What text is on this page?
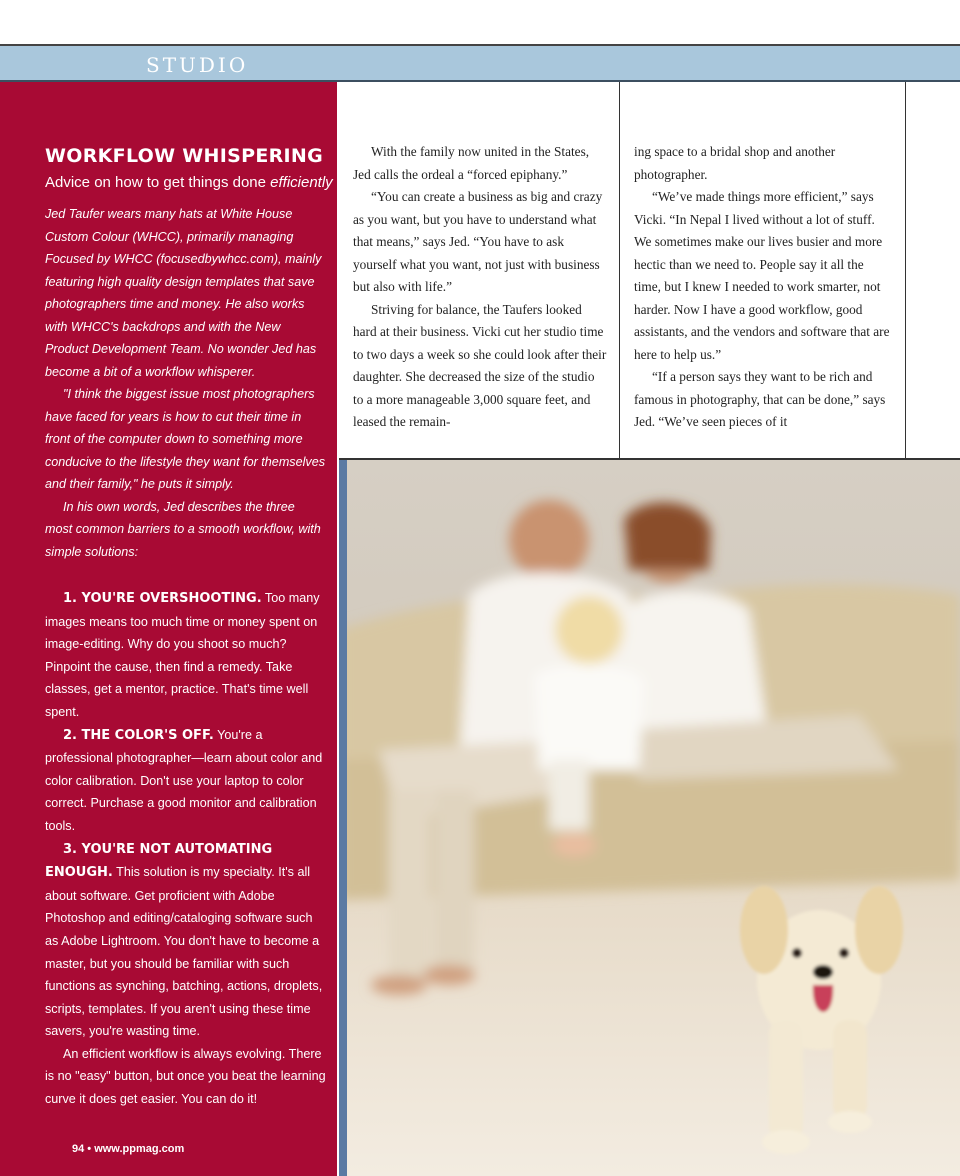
STUDIO
WORKFLOW WHISPERING
Advice on how to get things done efficiently

Jed Taufer wears many hats at White House Custom Colour (WHCC), primarily managing Focused by WHCC (focusedbywhcc.com), mainly featuring high quality design templates that save photographers time and money. He also works with WHCC's backdrops and with the New Product Development Team. No wonder Jed has become a bit of a workflow whisperer.

"I think the biggest issue most photographers have faced for years is how to cut their time in front of the computer down to something more conducive to the lifestyle they want for themselves and their family," he puts it simply.

In his own words, Jed describes the three most common barriers to a smooth workflow, with simple solutions:

1. YOU'RE OVERSHOOTING. Too many images means too much time or money spent on image-editing. Why do you shoot so much? Pinpoint the cause, then find a remedy. Take classes, get a mentor, practice. That's time well spent.

2. THE COLOR'S OFF. You're a professional photographer—learn about color and color calibration. Don't use your laptop to color correct. Purchase a good monitor and calibration tools.

3. YOU'RE NOT AUTOMATING ENOUGH. This solution is my specialty. It's all about software. Get proficient with Adobe Photoshop and editing/cataloging software such as Adobe Lightroom. You don't have to become a master, but you should be familiar with such functions as synching, batching, actions, droplets, scripts, templates. If you aren't using these time savers, you're wasting time.

An efficient workflow is always evolving. There is no "easy" button, but once you beat the learning curve it does get easier. You can do it!

94 • www.ppmag.com

With the family now united in the States, Jed calls the ordeal a “forced epiphany.”

“You can create a business as big and crazy as you want, but you have to understand what that means,” says Jed. “You have to ask yourself what you want, not just with business but also with life.”

Striving for balance, the Taufers looked hard at their business. Vicki cut her studio time to two days a week so she could look after their daughter. She decreased the size of the studio to a more manageable 3,000 square feet, and leased the remain-

ing space to a bridal shop and another photographer.

“We’ve made things more efficient,” says Vicki. “In Nepal I lived without a lot of stuff. We sometimes make our lives busier and more hectic than we need to. People say it all the time, but I knew I needed to work smarter, not harder. Now I have a good workflow, good assistants, and the vendors and software that are here to help us.”

“If a person says they want to be rich and famous in photography, that can be done,” says Jed. “We’ve seen pieces of it
